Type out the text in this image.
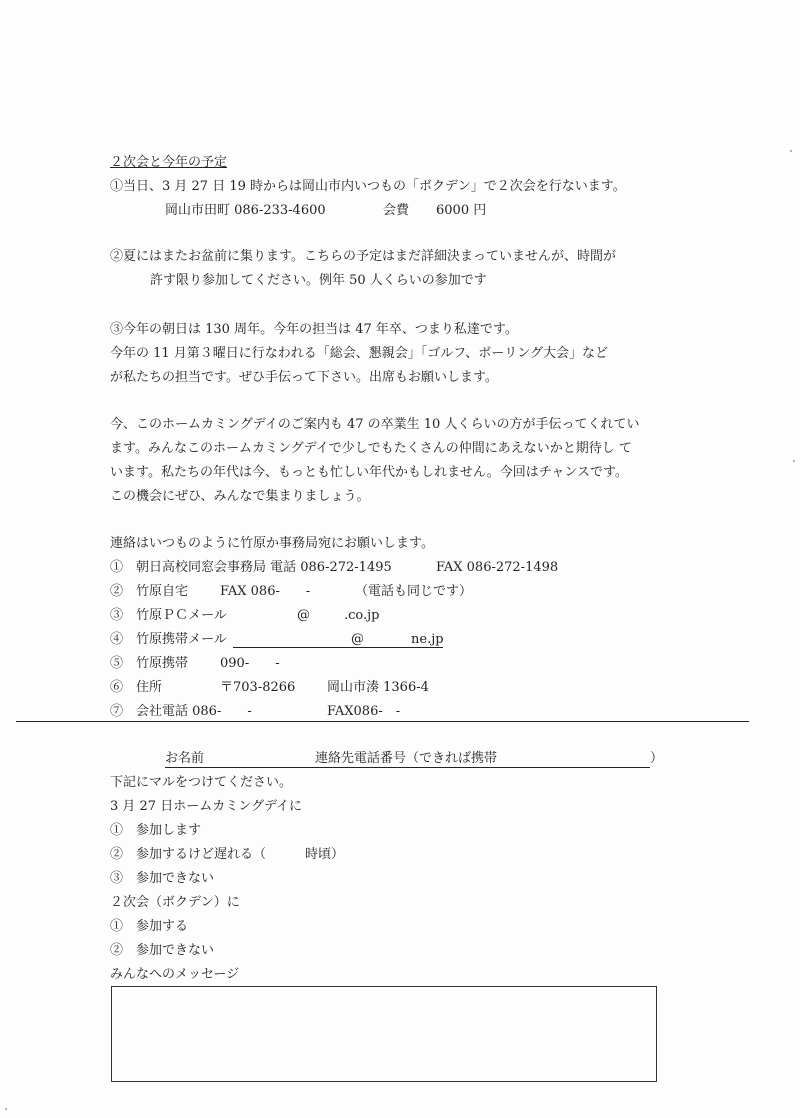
２次会と今年の予定
①当日、3 月 27 日 19 時からは岡山市内いつもの「ボクデン」で２次会を行ないます。
岡山市田町 086-233-4600	会費 6000 円
②夏にはまたお盆前に集ります。こちらの予定はまだ詳細決まっていませんが、時間が
許す限り参加してください。例年 50 人くらいの参加です
③今年の朝日は 130 周年。今年の担当は 47 年卒、つまり私達です。
今年の 11 月第３曜日に行なわれる「総会、懇親会」「ゴルフ、ボーリング大会」など
が私たちの担当です。ぜひ手伝って下さい。出席もお願いします。
今、このホームカミングデイのご案内も 47 の卒業生 10 人くらいの方が手伝ってくれてい
ます。みんなこのホームカミングデイで少しでもたくさんの仲間にあえないかと期待し て
います。私たちの年代は今、もっとも忙しい年代かもしれません。今回はチャンスです。
この機会にぜひ、みんなで集まりましょう。
連絡はいつものように竹原か事務局宛にお願いします。
①　朝日高校同窓会事務局 電話 086-272-1495	FAX 086-272-1498
②　竹原自宅 FAX 086-　　-	（電話も同じです）
③　竹原ＰＣメール	@	.co.jp
④　竹原携帯メール	@	ne.jp
⑤　竹原携帯 090-　　-
⑥　住所	〒703-8266 岡山市湊 1366-4
⑦　会社電話 086-　　-	FAX086-　-
お名前	連絡先電話番号（できれば携帯	）
下記にマルをつけてください。
3 月 27 日ホームカミングデイに
①　参加します
②　参加するけど遅れる（　　　時頃）
③　参加できない
２次会（ボクデン）に
①　参加する
②　参加できない
みんなへのメッセージ
